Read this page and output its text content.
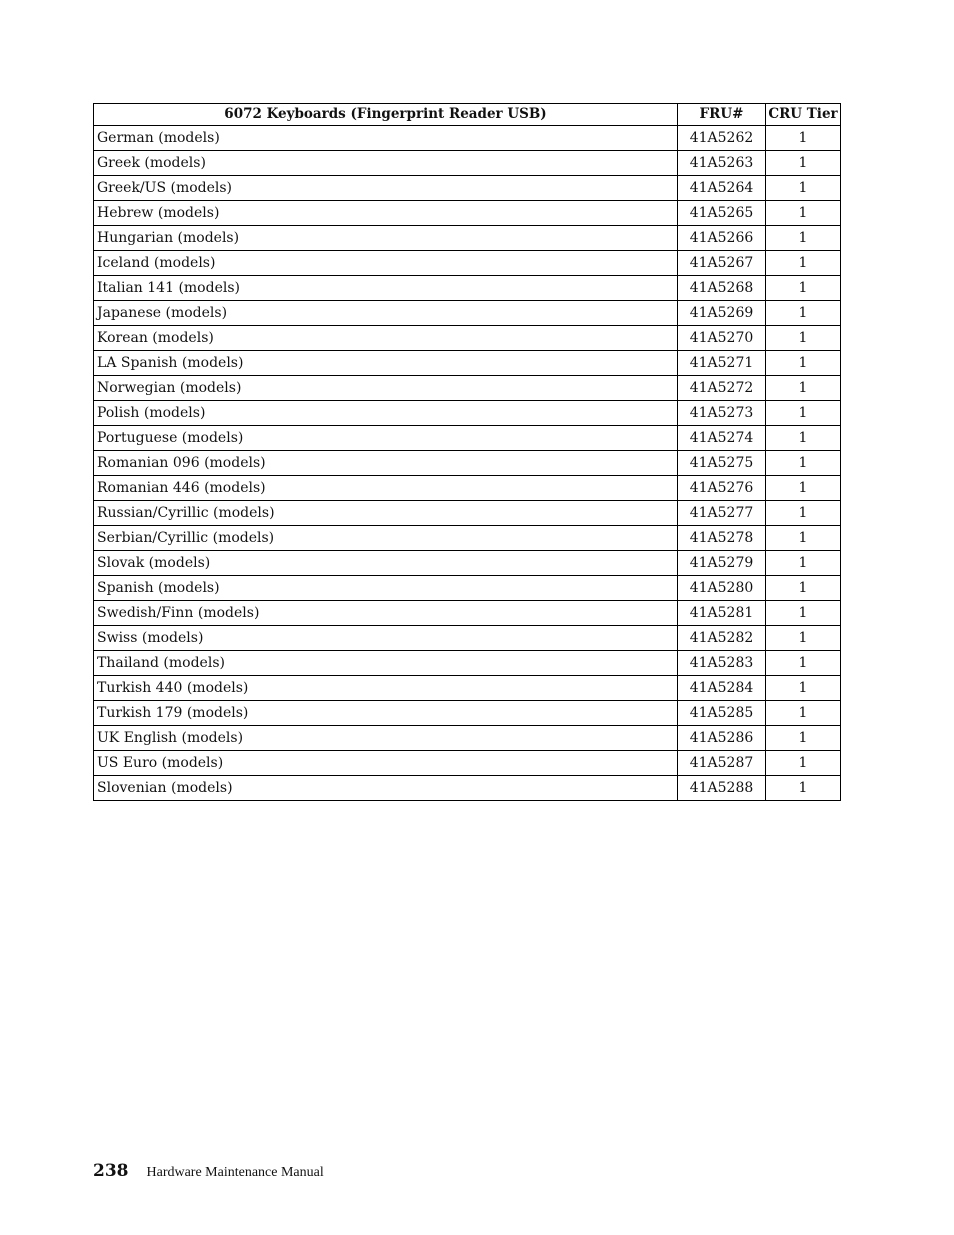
6072 Keyboards (Fingerprint Reader USB)	FRU#	CRU Tier
German (models)	41A5262	1
Greek (models)	41A5263	1
Greek/US (models)	41A5264	1
Hebrew (models)	41A5265	1
Hungarian (models)	41A5266	1
Iceland (models)	41A5267	1
Italian 141 (models)	41A5268	1
Japanese (models)	41A5269	1
Korean (models)	41A5270	1
LA Spanish (models)	41A5271	1
Norwegian (models)	41A5272	1
Polish (models)	41A5273	1
Portuguese (models)	41A5274	1
Romanian 096 (models)	41A5275	1
Romanian 446 (models)	41A5276	1
Russian/Cyrillic (models)	41A5277	1
Serbian/Cyrillic (models)	41A5278	1
Slovak (models)	41A5279	1
Spanish (models)	41A5280	1
Swedish/Finn (models)	41A5281	1
Swiss (models)	41A5282	1
Thailand (models)	41A5283	1
Turkish 440 (models)	41A5284	1
Turkish 179 (models)	41A5285	1
UK English (models)	41A5286	1
US Euro (models)	41A5287	1
Slovenian (models)	41A5288	1
238 Hardware Maintenance Manual
